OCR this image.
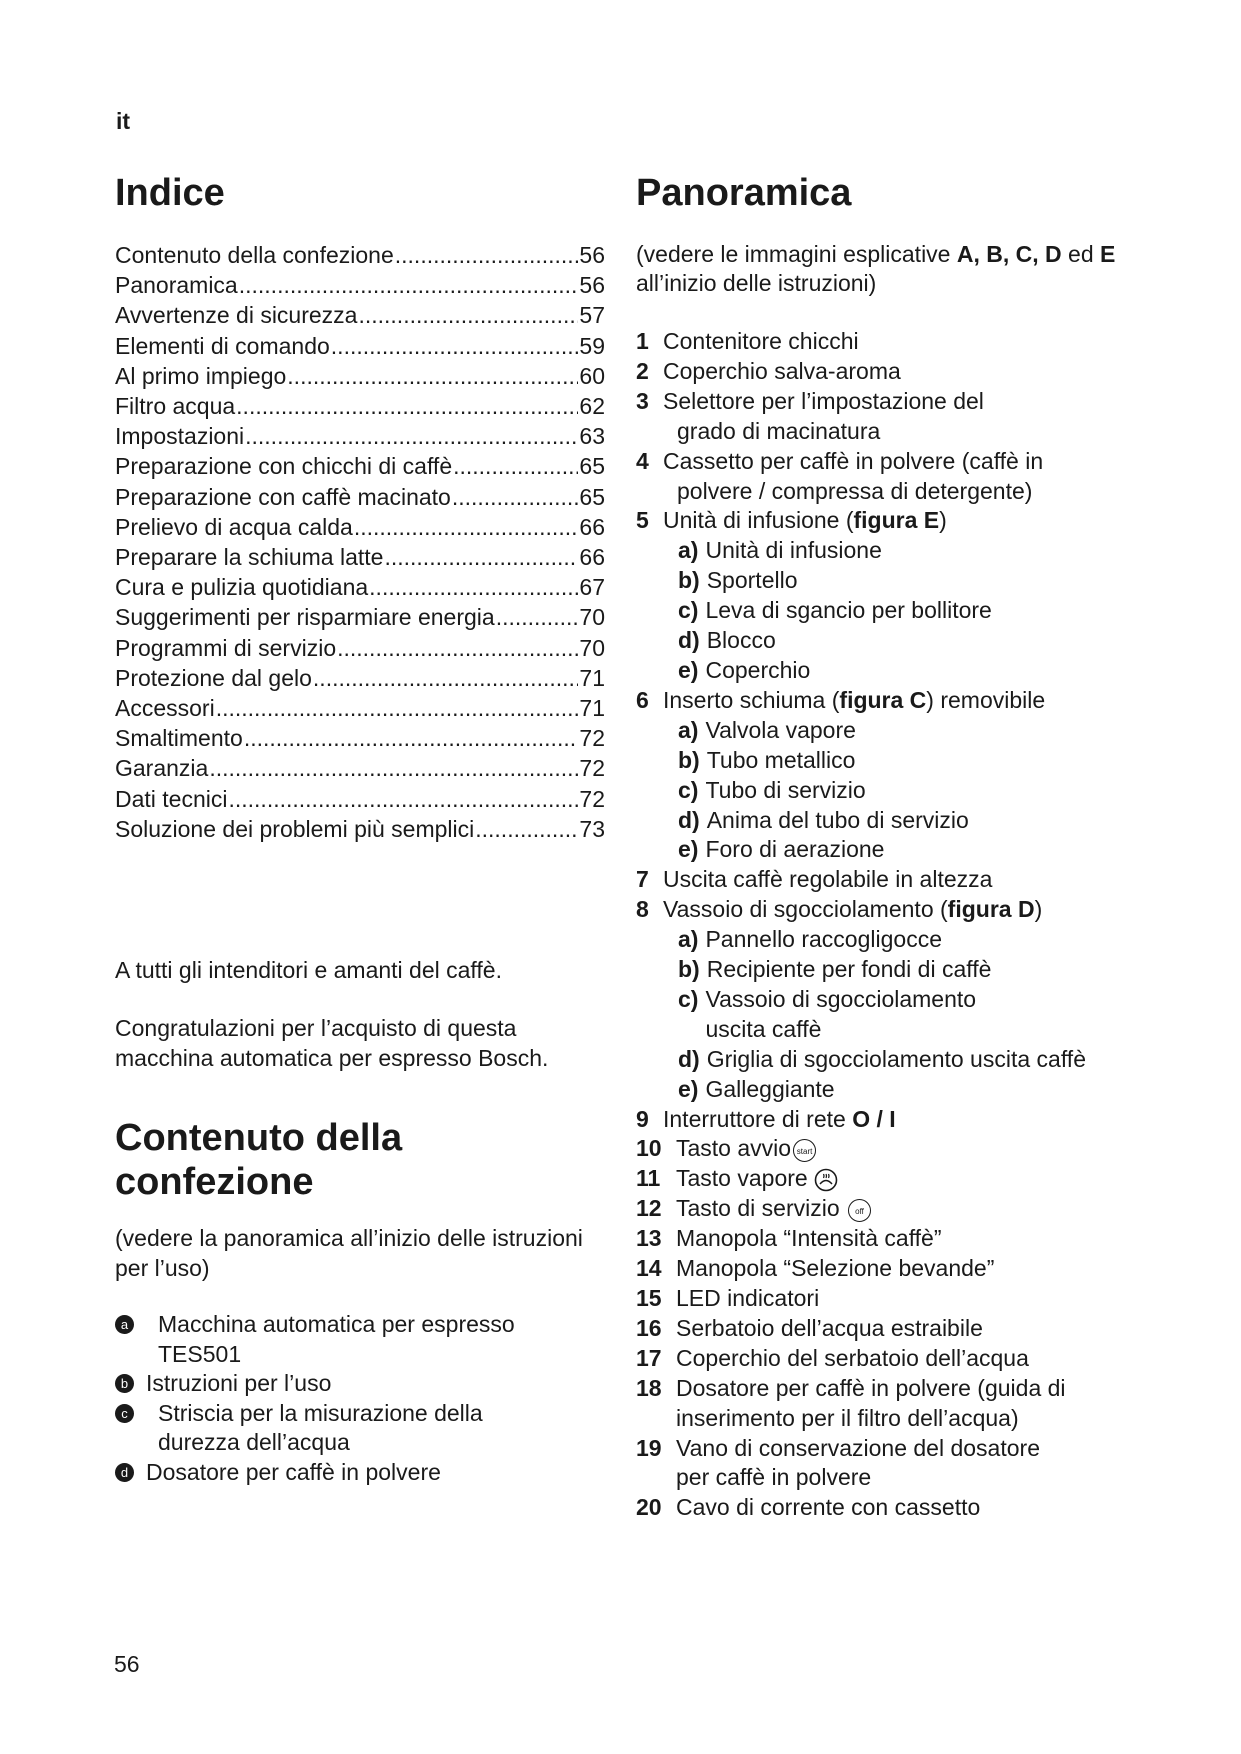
it
Indice
Contenuto della confezione .....	56
Panoramica .....	56
Avvertenze di sicurezza .....	57
Elementi di comando .....	59
Al primo impiego .....	60
Filtro acqua .....	62
Impostazioni .....	63
Preparazione con chicchi di caffè .....	65
Preparazione con caffè macinato .....	65
Prelievo di acqua calda .....	66
Preparare la schiuma latte .....	66
Cura e pulizia quotidiana .....	67
Suggerimenti per risparmiare energia .....	70
Programmi di servizio .....	70
Protezione dal gelo .....	71
Accessori .....	71
Smaltimento .....	72
Garanzia .....	72
Dati tecnici .....	72
Soluzione dei problemi più semplici .....	73

A tutti gli intenditori e amanti del caffè.

Congratulazioni per l’acquisto di questa macchina automatica per espresso Bosch.

Contenuto della
confezione

(vedere la panoramica all’inizio delle istruzioni per l’uso)

a Macchina automatica per espresso
TES501
b Istruzioni per l’uso
c Striscia per la misurazione della
durezza dell’acqua
d Dosatore per caffè in polvere
Panoramica
(vedere le immagini esplicative A, B, C, D ed E all’inizio delle istruzioni)
1 Contenitore chicchi
2 Coperchio salva-aroma
3 Selettore per l’impostazione del
grado di macinatura
4 Cassetto per caffè in polvere (caffè in
polvere / compressa di detergente)
5 Unità di infusione (figura E)
a) Unità di infusione
b) Sportello
c) Leva di sgancio per bollitore
d) Blocco
e) Coperchio
6 Inserto schiuma (figura C) removibile
a) Valvola vapore
b) Tubo metallico
c) Tubo di servizio
d) Anima del tubo di servizio
e) Foro di aerazione
7 Uscita caffè regolabile in altezza
8 Vassoio di sgocciolamento (figura D)
a) Pannello raccogligocce
b) Recipiente per fondi di caffè
c) Vassoio di sgocciolamento
uscita caffè
d) Griglia di sgocciolamento uscita caffè
e) Galleggiante
9 Interruttore di rete O / I
10 Tasto avvio start
11 Tasto vapore
12 Tasto di servizio off
13 Manopola “Intensità caffè”
14 Manopola “Selezione bevande”
15 LED indicatori
16 Serbatoio dell’acqua estraibile
17 Coperchio del serbatoio dell’acqua
18 Dosatore per caffè in polvere (guida di
inserimento per il filtro dell’acqua)
19 Vano di conservazione del dosatore
per caffè in polvere
20 Cavo di corrente con cassetto
56
